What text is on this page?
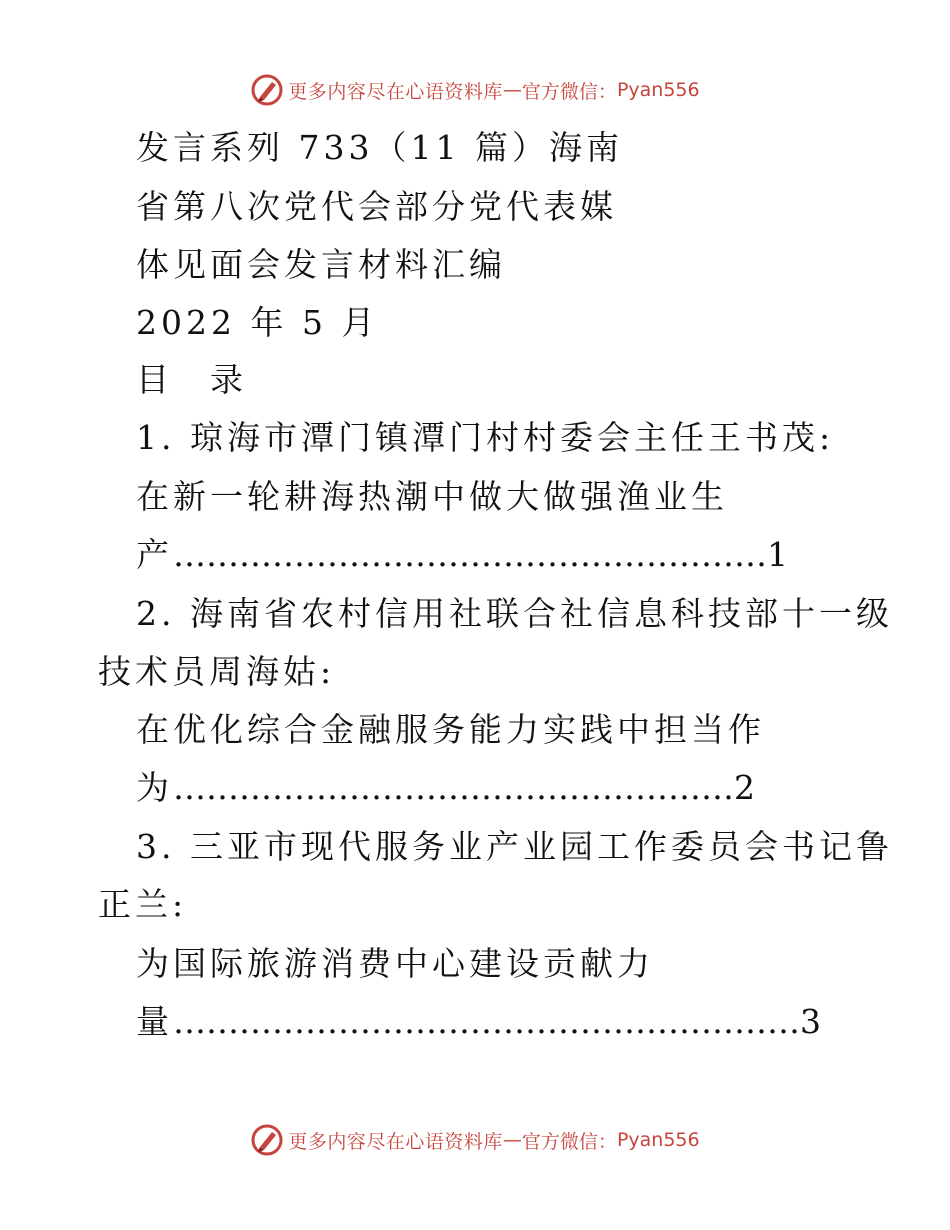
更多内容尽在心语资料库 — 官方微信： Pyan556
发言系列 733（11 篇）海南
省第八次党代会部分党代表媒
体见面会发言材料汇编
2022 年 5 月
目　录
1. 琼海市潭门镇潭门村村委会主任王书茂:
在新一轮耕海热潮中做大做强渔业生
产 ……………………………………………… 1
2. 海南省农村信用社联合社信息科技部十一级
技术员周海姑:
在优化综合金融服务能力实践中担当作
为 …………………………………………… 2
3. 三亚市现代服务业产业园工作委员会书记鲁
正兰:
为国际旅游消费中心建设贡献力
量 ………………………………………………… 3
更多内容尽在心语资料库 — 官方微信： Pyan556
